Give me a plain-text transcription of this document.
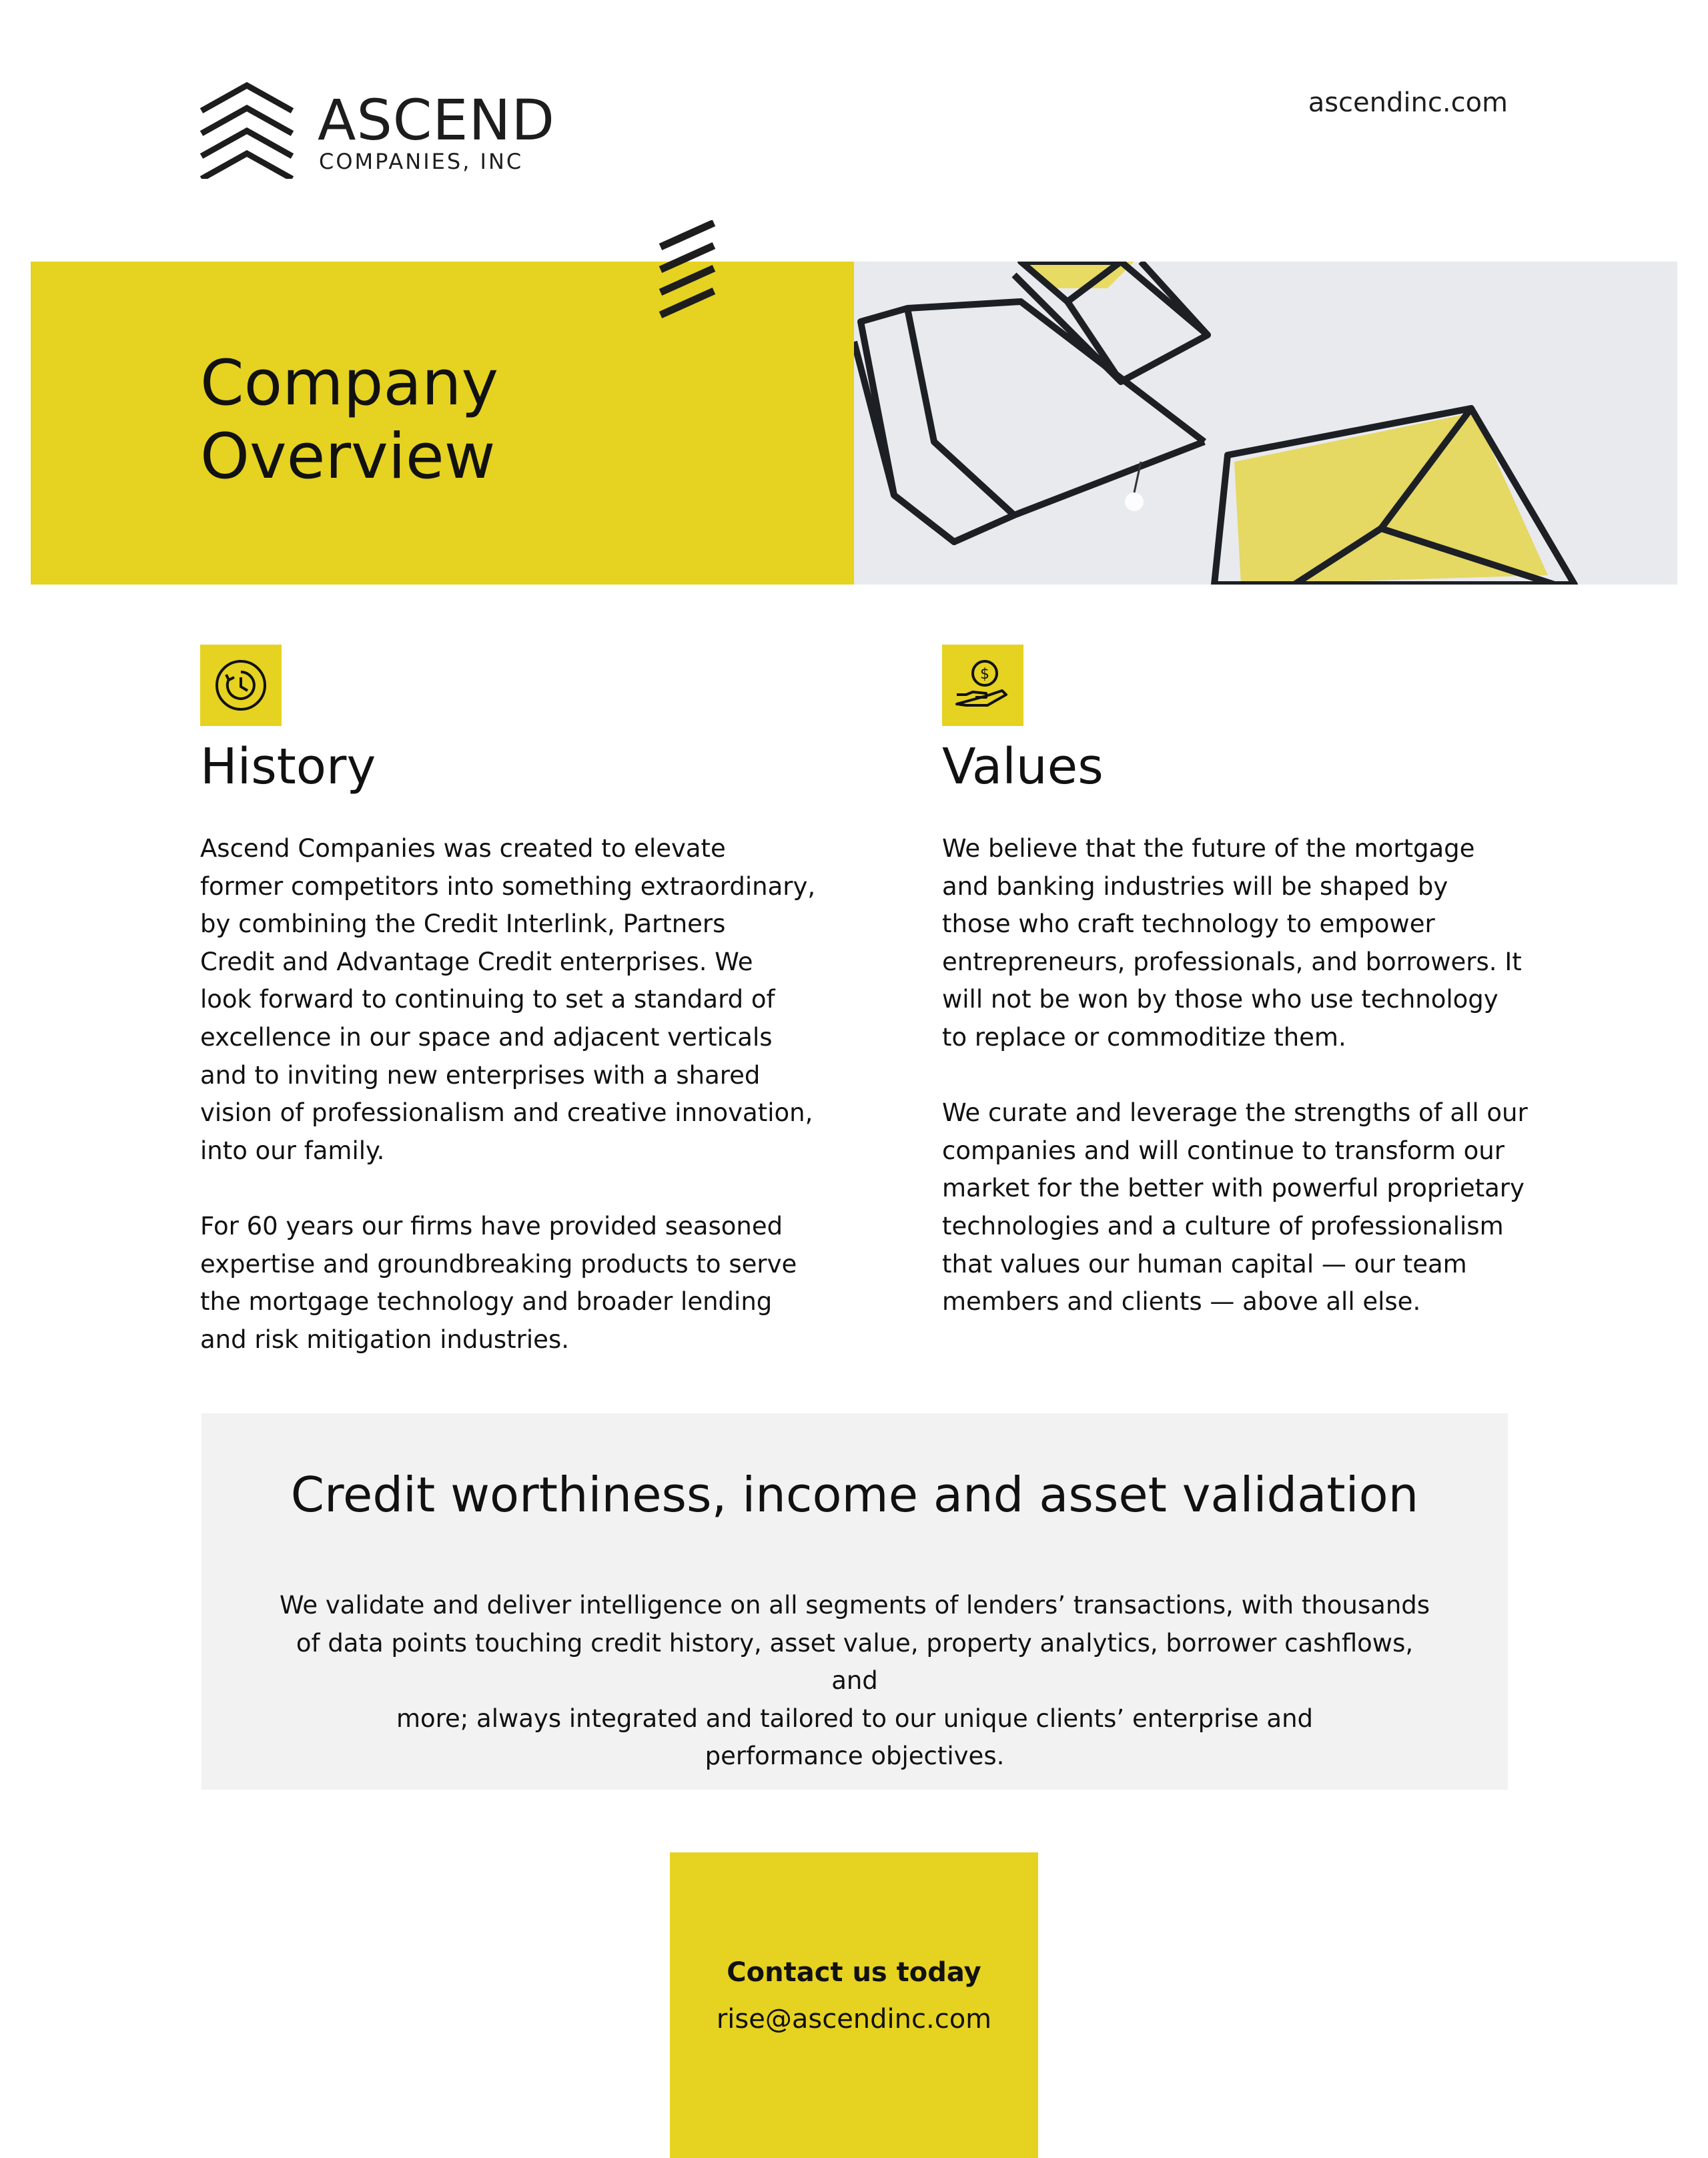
ASCEND
COMPANIES, INC
ascendinc.com
Company
Overview
History
Ascend Companies was created to elevate
former competitors into something extraordinary,
by combining the Credit Interlink, Partners
Credit and Advantage Credit enterprises. We
look forward to continuing to set a standard of
excellence in our space and adjacent verticals
and to inviting new enterprises with a shared
vision of professionalism and creative innovation,
into our family.

For 60 years our firms have provided seasoned
expertise and groundbreaking products to serve
the mortgage technology and broader lending
and risk mitigation industries.
$
Values
We believe that the future of the mortgage
and banking industries will be shaped by
those who craft technology to empower
entrepreneurs, professionals, and borrowers. It
will not be won by those who use technology
to replace or commoditize them.

We curate and leverage the strengths of all our
companies and will continue to transform our
market for the better with powerful proprietary
technologies and a culture of professionalism
that values our human capital — our team
members and clients — above all else.
Credit worthiness, income and asset validation
We validate and deliver intelligence on all segments of lenders’ transactions, with thousands
of data points touching credit history, asset value, property analytics, borrower cashflows, and
more; always integrated and tailored to our unique clients’ enterprise and
performance objectives.
Contact us today
rise@ascendinc.com
